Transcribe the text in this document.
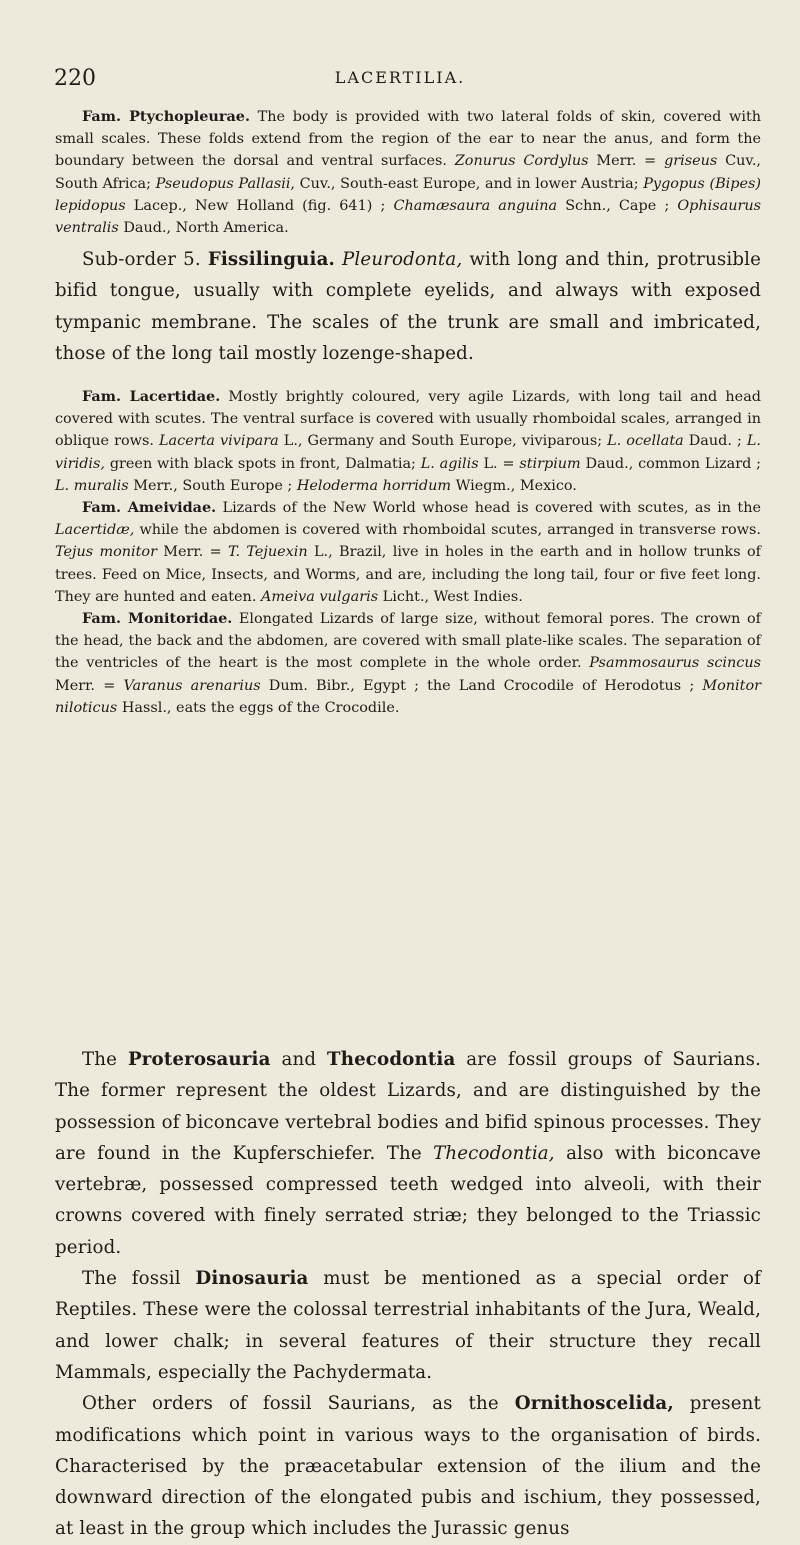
220	LACERTILIA.

Fam. Ptychopleurae. The body is provided with two lateral folds of skin, covered with small scales. These folds extend from the region of the ear to near the anus, and form the boundary between the dorsal and ventral surfaces. Zonurus Cordylus Merr. = griseus Cuv., South Africa; Pseudopus Pallasii, Cuv., South-east Europe, and in lower Austria; Pygopus (Bipes) lepidopus Lacep., New Holland (fig. 641) ; Chamæsaura anguina Schn., Cape ; Ophisaurus ventralis Daud., North America.

Sub-order 5. Fissilinguia. Pleurodonta, with long and thin, protrusible bifid tongue, usually with complete eyelids, and always with exposed tympanic membrane. The scales of the trunk are small and imbricated, those of the long tail mostly lozenge-shaped.

Fam. Lacertidae. Mostly brightly coloured, very agile Lizards, with long tail and head covered with scutes. The ventral surface is covered with usually rhomboidal scales, arranged in oblique rows. Lacerta vivipara L., Germany and South Europe, viviparous; L. ocellata Daud. ; L. viridis, green with black spots in front, Dalmatia; L. agilis L. = stirpium Daud., common Lizard ; L. muralis Merr., South Europe ; Heloderma horridum Wiegm., Mexico.

Fam. Ameividae. Lizards of the New World whose head is covered with scutes, as in the Lacertidæ, while the abdomen is covered with rhomboidal scutes, arranged in transverse rows. Tejus monitor Merr. = T. Tejuexin L., Brazil, live in holes in the earth and in hollow trunks of trees. Feed on Mice, Insects, and Worms, and are, including the long tail, four or five feet long. They are hunted and eaten. Ameiva vulgaris Licht., West Indies.

Fam. Monitoridae. Elongated Lizards of large size, without femoral pores. The crown of the head, the back and the abdomen, are covered with small plate-like scales. The separation of the ventricles of the heart is the most complete in the whole order. Psammosaurus scincus Merr. = Varanus arenarius Dum. Bibr., Egypt ; the Land Crocodile of Herodotus ; Monitor niloticus Hassl., eats the eggs of the Crocodile.

The Proterosauria and Thecodontia are fossil groups of Saurians. The former represent the oldest Lizards, and are distinguished by the possession of biconcave vertebral bodies and bifid spinous processes. They are found in the Kupferschiefer. The Thecodontia, also with biconcave vertebræ, possessed compressed teeth wedged into alveoli, with their crowns covered with finely serrated striæ; they belonged to the Triassic period.

The fossil Dinosauria must be mentioned as a special order of Reptiles. These were the colossal terrestrial inhabitants of the Jura, Weald, and lower chalk; in several features of their structure they recall Mammals, especially the Pachydermata.

Other orders of fossil Saurians, as the Ornithoscelida, present modifications which point in various ways to the organisation of birds. Characterised by the præacetabular extension of the ilium and the downward direction of the elongated pubis and ischium, they possessed, at least in the group which includes the Jurassic genus
